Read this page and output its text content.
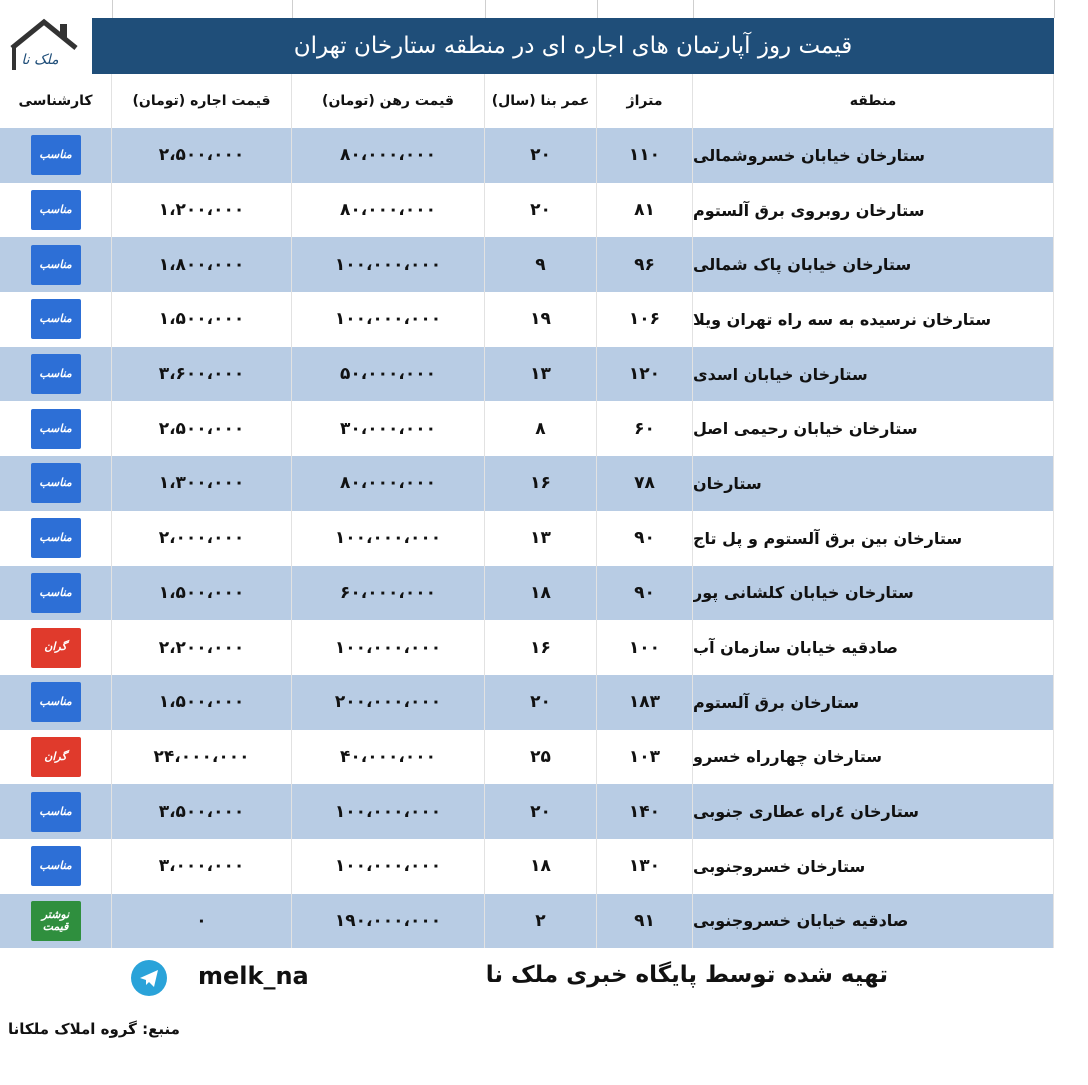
ملک نا
قیمت روز آپارتمان های اجاره ای در منطقه ستارخان تهران
کارشناسی	قیمت اجاره (تومان)	قیمت رهن (تومان)	عمر بنا (سال)	متراژ	منطقه
مناسب	۲،۵۰۰،۰۰۰	۸۰،۰۰۰،۰۰۰	۲۰	۱۱۰	ستارخان خیابان خسروشمالی
مناسب	۱،۲۰۰،۰۰۰	۸۰،۰۰۰،۰۰۰	۲۰	۸۱	ستارخان روبروی برق آلستوم
مناسب	۱،۸۰۰،۰۰۰	۱۰۰،۰۰۰،۰۰۰	۹	۹۶	ستارخان خیابان پاک شمالی
مناسب	۱،۵۰۰،۰۰۰	۱۰۰،۰۰۰،۰۰۰	۱۹	۱۰۶	ستارخان نرسیده به سه راه تهران ویلا
مناسب	۳،۶۰۰،۰۰۰	۵۰،۰۰۰،۰۰۰	۱۳	۱۲۰	ستارخان خیابان اسدی
مناسب	۲،۵۰۰،۰۰۰	۳۰،۰۰۰،۰۰۰	۸	۶۰	ستارخان خیابان رحیمی اصل
مناسب	۱،۳۰۰،۰۰۰	۸۰،۰۰۰،۰۰۰	۱۶	۷۸	ستارخان
مناسب	۲،۰۰۰،۰۰۰	۱۰۰،۰۰۰،۰۰۰	۱۳	۹۰	ستارخان بین برق آلستوم و پل تاج
مناسب	۱،۵۰۰،۰۰۰	۶۰،۰۰۰،۰۰۰	۱۸	۹۰	ستارخان خیابان کلشانی پور
گران	۲،۲۰۰،۰۰۰	۱۰۰،۰۰۰،۰۰۰	۱۶	۱۰۰	صادقیه خیابان سازمان آب
مناسب	۱،۵۰۰،۰۰۰	۲۰۰،۰۰۰،۰۰۰	۲۰	۱۸۳	ستارخان برق آلستوم
گران	۲۴،۰۰۰،۰۰۰	۴۰،۰۰۰،۰۰۰	۲۵	۱۰۳	ستارخان چهارراه خسرو
مناسب	۳،۵۰۰،۰۰۰	۱۰۰،۰۰۰،۰۰۰	۲۰	۱۴۰	ستارخان ٤راه عطاری جنوبی
مناسب	۳،۰۰۰،۰۰۰	۱۰۰،۰۰۰،۰۰۰	۱۸	۱۳۰	ستارخان خسروجنوبی
نوشتر قیمت	۰	۱۹۰،۰۰۰،۰۰۰	۲	۹۱	صادقیه خیابان خسروجنوبی
melk_na	تهیه شده توسط پایگاه خبری ملک نا
منبع: گروه املاک ملکانا
